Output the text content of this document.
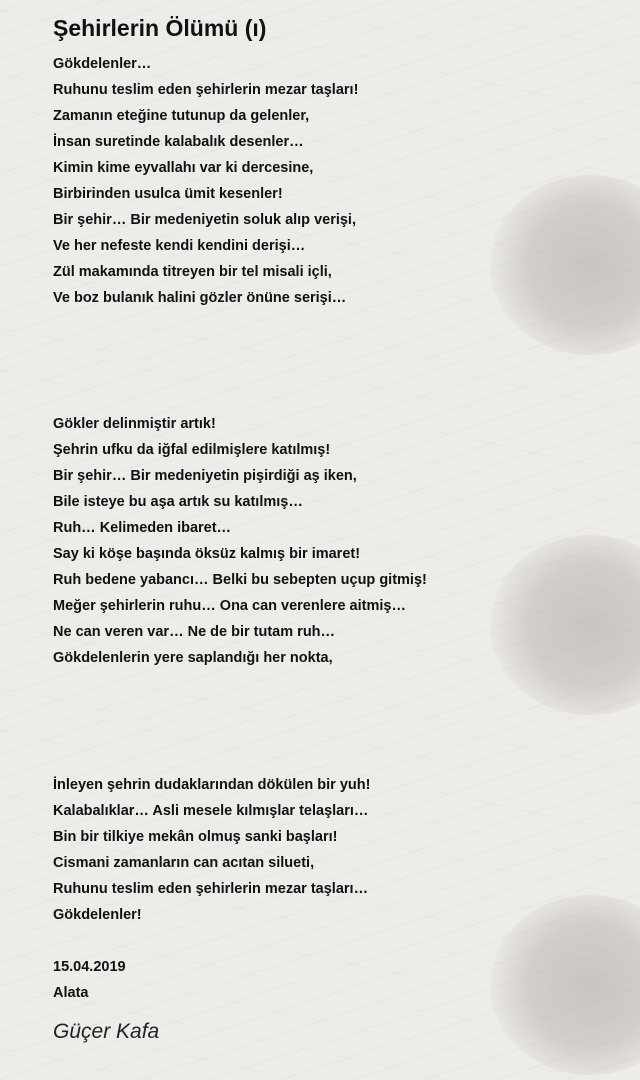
Şehirlerin Ölümü (ı)
Gökdelenler…
Ruhunu teslim eden şehirlerin mezar taşları!
Zamanın eteğine tutunup da gelenler,
İnsan suretinde kalabalık desenler…
Kimin kime eyvallahı var ki dercesine,
Birbirinden usulca ümit kesenler!
Bir şehir… Bir medeniyetin soluk alıp verişi,
Ve her nefeste kendi kendini derişi…
Zül makamında titreyen bir tel misali içli,
Ve boz bulanık halini gözler önüne serişi…
Gökler delinmiştir artık!
Şehrin ufku da iğfal edilmişlere katılmış!
Bir şehir… Bir medeniyetin pişirdiği aş iken,
Bile isteye bu aşa artık su katılmış…
Ruh… Kelimeden ibaret…
Say ki köşe başında öksüz kalmış bir imaret!
Ruh bedene yabancı… Belki bu sebepten uçup gitmiş!
Meğer şehirlerin ruhu… Ona can verenlere aitmiş…
Ne can veren var… Ne de bir tutam ruh…
Gökdelenlerin yere saplandığı her nokta,
İnleyen şehrin dudaklarından dökülen bir yuh!
Kalabalıklar… Asli mesele kılmışlar telaşları…
Bin bir tilkiye mekân olmuş sanki başları!
Cismani zamanların can acıtan silueti,
Ruhunu teslim eden şehirlerin mezar taşları…
Gökdelenler!
15.04.2019
Alata
Güçer Kafa
